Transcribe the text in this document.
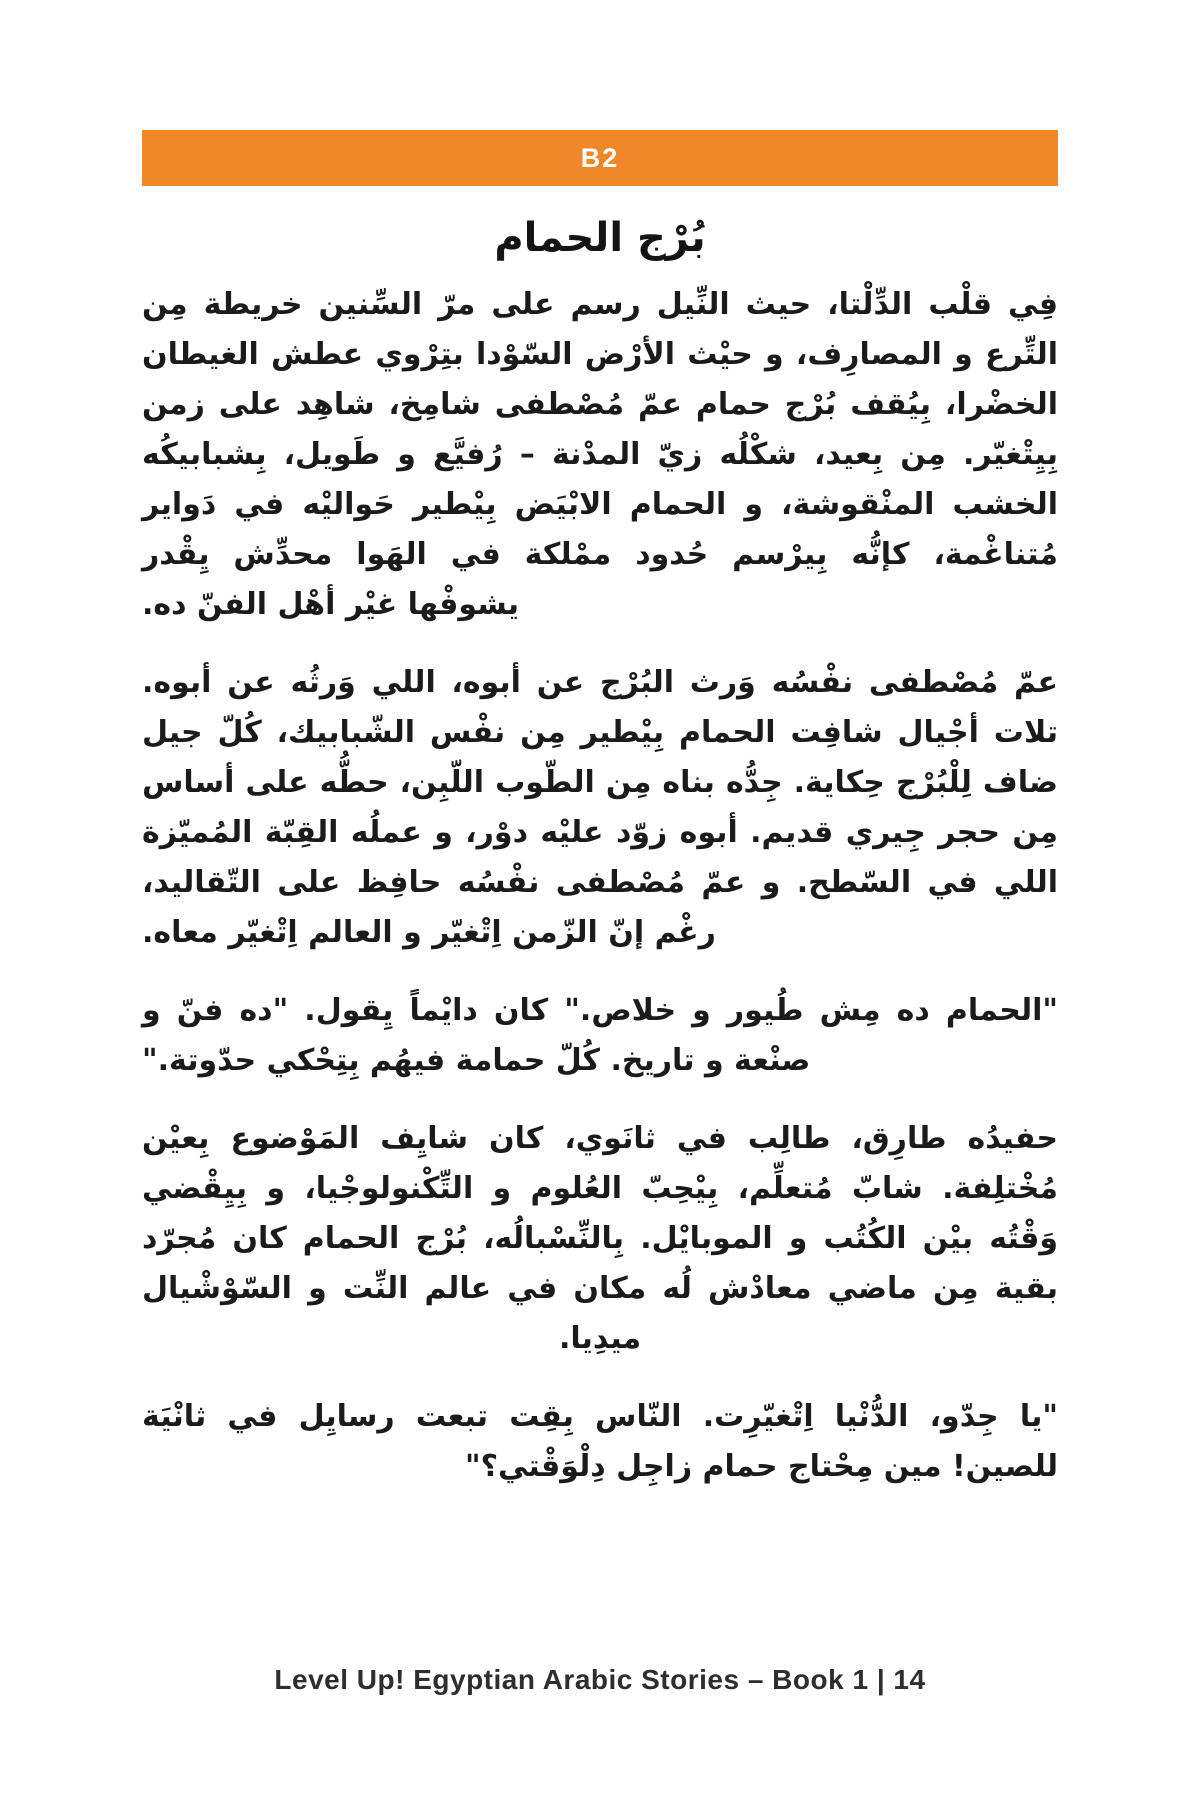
B2
بُرْج الحمام

فِي قلْب الدِّلْتا، حيث النِّيل رسم على مرّ السِّنين خريطة مِن التِّرع و المصارِف، و حيْث الأرْض السّوْدا بتِرْوي عطش الغيطان الخضْرا، بِيُقف بُرْج حمام عمّ مُصْطفى شامِخ، شاهِد على زمن بِيِتْغيّر. مِن بِعيد، شكْلُه زيّ المدْنة – رُفيَّع و طَويل، بِشبابيكُه الخشب المنْقوشة، و الحمام الابْيَض بِيْطير حَواليْه في دَواير مُتناغْمة، كإنُّه بِيرْسم حُدود ممْلكة في الهَوا محدِّش يِقْدر يشوفْها غيْر أهْل الفنّ ده.

عمّ مُصْطفى نفْسُه وَرث البُرْج عن أبوه، اللي وَرثُه عن أبوه. تلات أجْيال شافِت الحمام بِيْطير مِن نفْس الشّبابيك، كُلّ جيل ضاف لِلْبُرْج حِكاية. جِدُّه بناه مِن الطّوب اللّبِن، حطُّه على أساس مِن حجر جِيري قديم. أبوه زوّد عليْه دوْر، و عملُه القِبّة المُميّزة اللي في السّطح. و عمّ مُصْطفى نفْسُه حافِظ على التّقاليد، رغْم إنّ الزّمن اِتْغيّر و العالم اِتْغيّر معاه.

"الحمام ده مِش طُيور و خلاص." كان دايْماً يِقول. "ده فنّ و صنْعة و تاريخ. كُلّ حمامة فيهُم بِتِحْكي حدّوتة."

حفيدُه طارِق، طالِب في ثانَوي، كان شايِف المَوْضوع بِعيْن مُخْتلِفة. شابّ مُتعلِّم، بِيْحِبّ العُلوم و التِّكْنولوجْيا، و بِيِقْضي وَقْتُه بيْن الكُتُب و الموبايْل. بِالنِّسْبالُه، بُرْج الحمام كان مُجرّد بقية مِن ماضي معادْش لُه مكان في عالم النِّت و السّوْشْيال ميدِيا.

"يا جِدّو، الدُّنْيا اِتْغيّرِت. النّاس بِقِت تبعت رسايِل في ثانْيَة للصين! مين مِحْتاج حمام زاجِل دِلْوَقْتي؟"

Level Up! Egyptian Arabic Stories – Book 1 | 14
